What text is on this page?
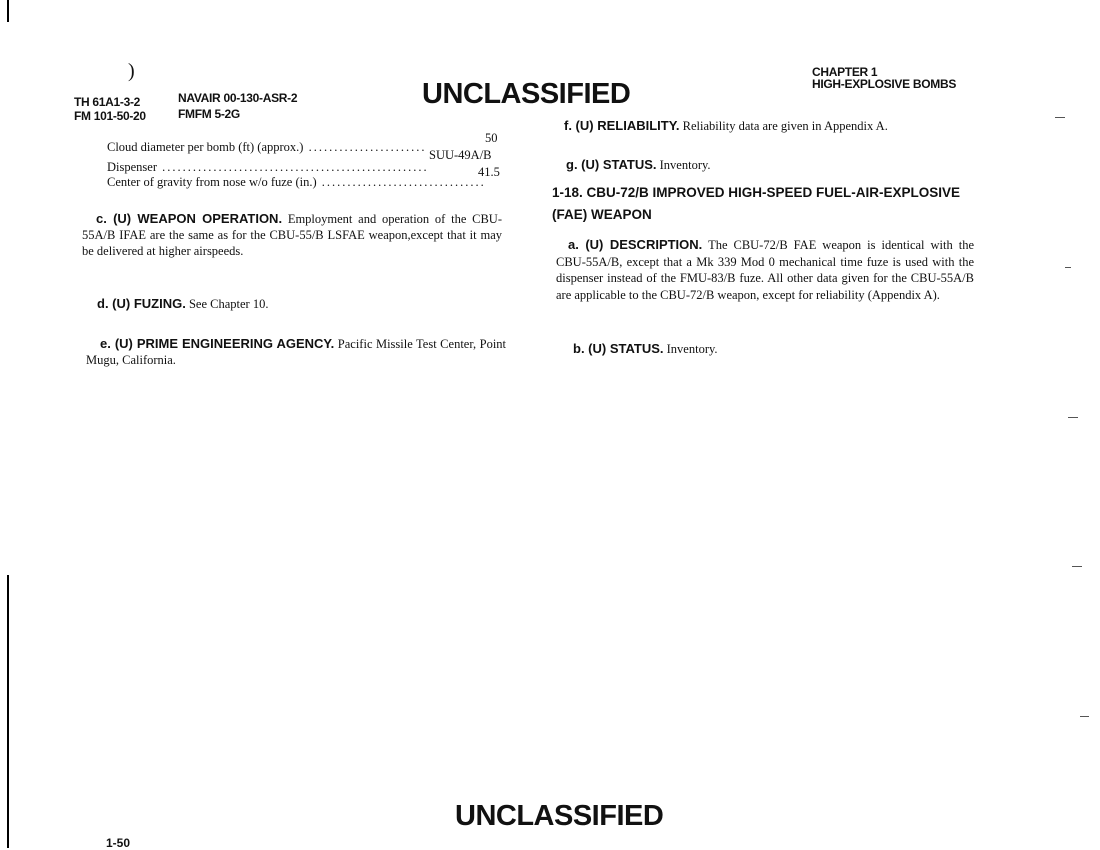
)
TH 61A1-3-2
FM 101-50-20
NAVAIR 00-130-ASR-2
FMFM 5-2G
UNCLASSIFIED
CHAPTER 1
HIGH-EXPLOSIVE BOMBS
Cloud diameter per bomb (ft) (approx.) .....
50
Dispenser .....
SUU-49A/B
Center of gravity from nose w/o fuze (in.) .....
41.5
c. (U) WEAPON OPERATION. Employment and operation of the CBU-55A/B IFAE are the same as for the CBU-55/B LSFAE weapon,except that it may be delivered at higher airspeeds.
d. (U) FUZING. See Chapter 10.
e. (U) PRIME ENGINEERING AGENCY. Pacific Missile Test Center, Point Mugu, California.
f. (U) RELIABILITY. Reliability data are given in Appendix A.
g. (U) STATUS. Inventory.
1-18. CBU-72/B IMPROVED HIGH-SPEED FUEL-AIR-EXPLOSIVE
(FAE) WEAPON
a. (U) DESCRIPTION. The CBU-72/B FAE weapon is identical with the CBU-55A/B, except that a Mk 339 Mod 0 mechanical time fuze is used with the dispenser instead of the FMU-83/B fuze. All other data given for the CBU-55A/B are applicable to the CBU-72/B weapon, except for reliability (Appendix A).
b. (U) STATUS. Inventory.
UNCLASSIFIED
1-50
